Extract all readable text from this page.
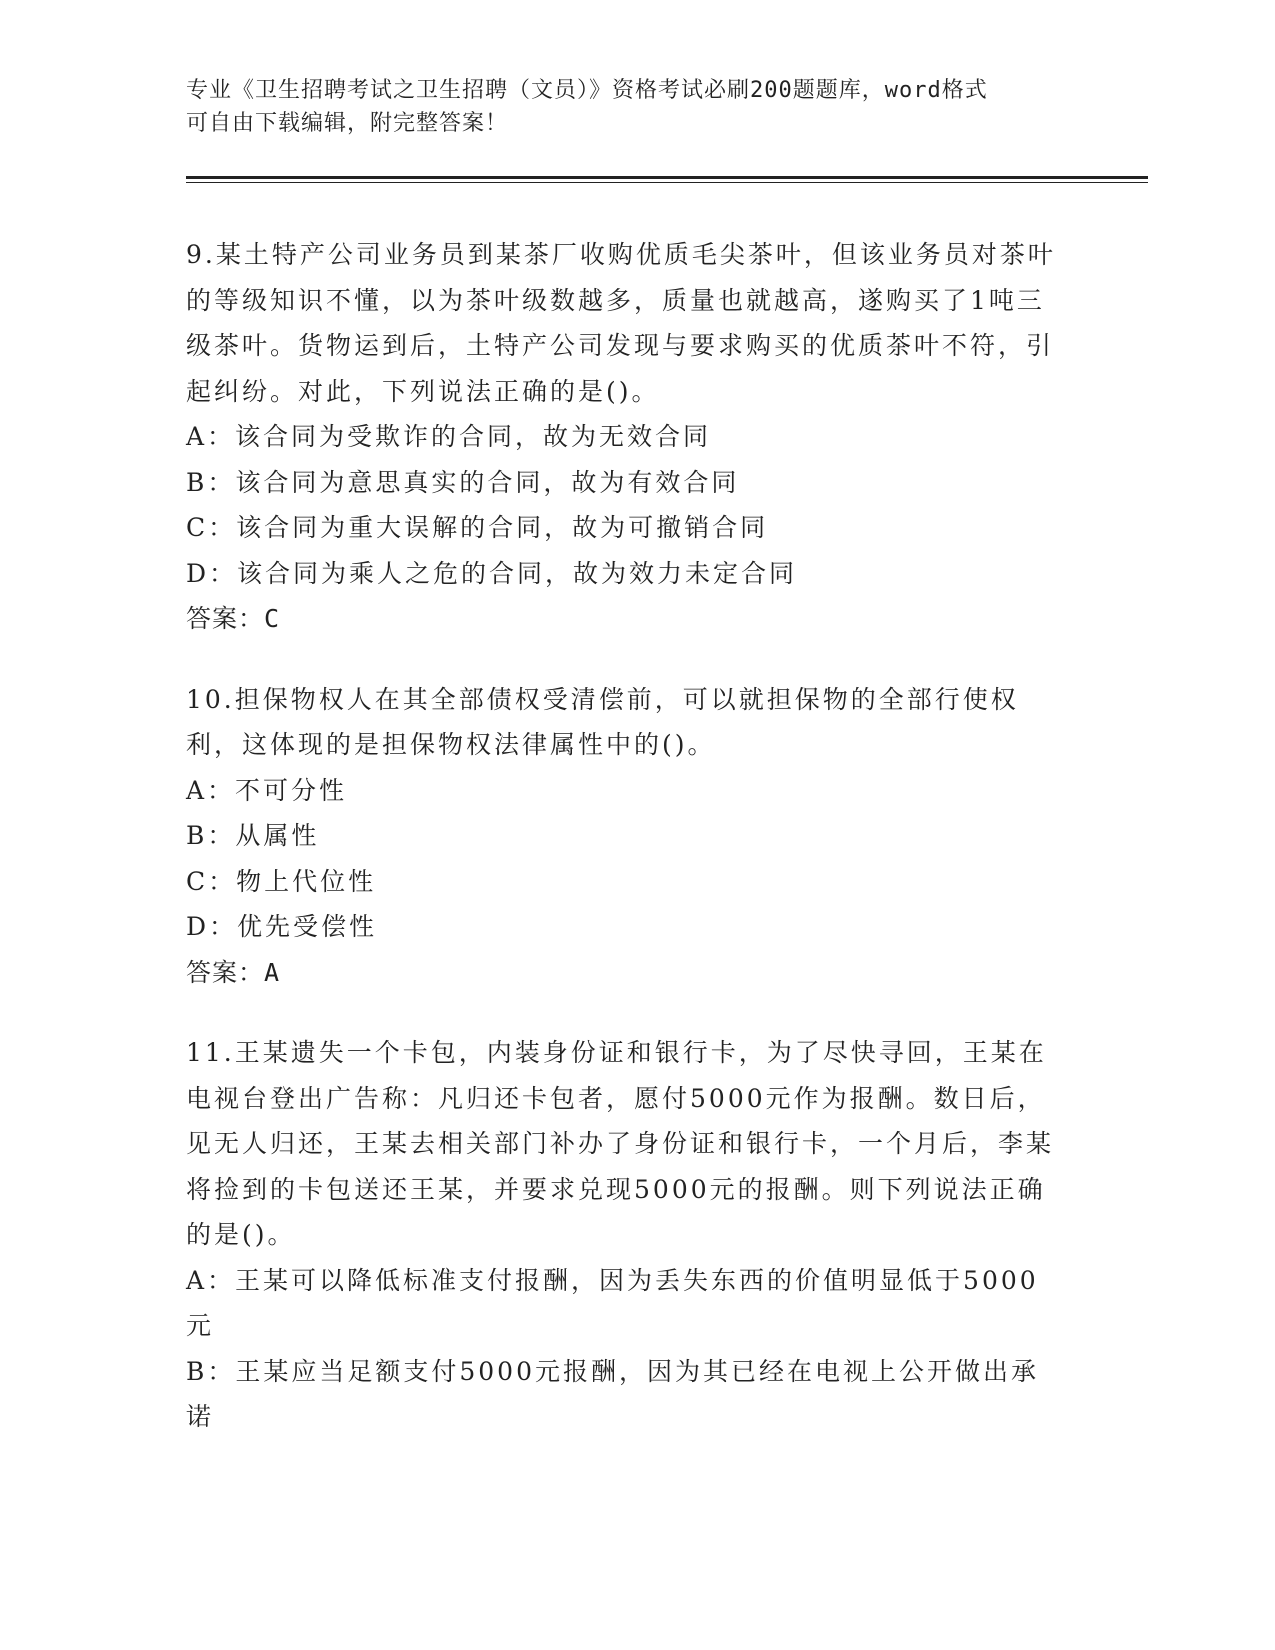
专业《卫生招聘考试之卫生招聘（文员）》资格考试必刷200题题库，word格式
可自由下载编辑，附完整答案！
9.某土特产公司业务员到某茶厂收购优质毛尖茶叶，但该业务员对茶叶的等级知识不懂，以为茶叶级数越多，质量也就越高，遂购买了1吨三级茶叶。货物运到后，土特产公司发现与要求购买的优质茶叶不符，引起纠纷。对此，下列说法正确的是()。
A：该合同为受欺诈的合同，故为无效合同
B：该合同为意思真实的合同，故为有效合同
C：该合同为重大误解的合同，故为可撤销合同
D：该合同为乘人之危的合同，故为效力未定合同
答案：C
10.担保物权人在其全部债权受清偿前，可以就担保物的全部行使权利，这体现的是担保物权法律属性中的()。
A：不可分性
B：从属性
C：物上代位性
D：优先受偿性
答案：A
11.王某遗失一个卡包，内装身份证和银行卡，为了尽快寻回，王某在电视台登出广告称：凡归还卡包者，愿付5000元作为报酬。数日后，见无人归还，王某去相关部门补办了身份证和银行卡，一个月后，李某将捡到的卡包送还王某，并要求兑现5000元的报酬。则下列说法正确的是()。
A：王某可以降低标准支付报酬，因为丢失东西的价值明显低于5000元
B：王某应当足额支付5000元报酬，因为其已经在电视上公开做出承诺
